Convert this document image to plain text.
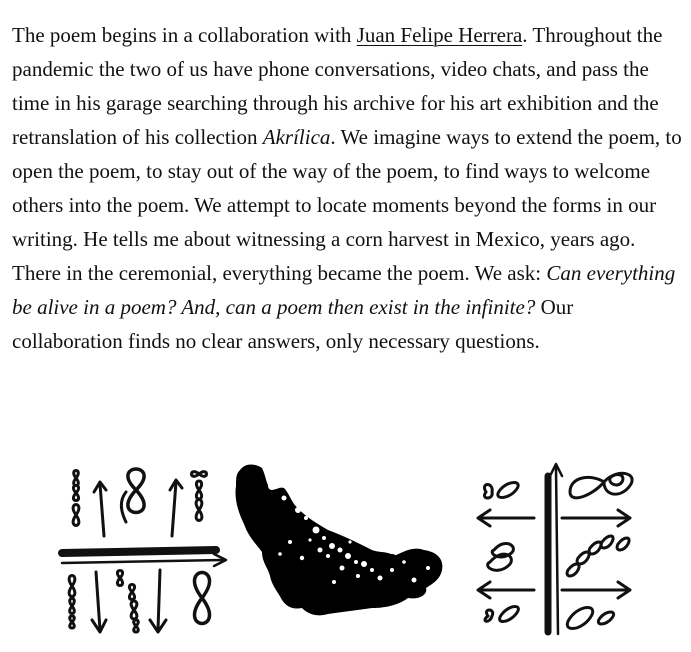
The poem begins in a collaboration with Juan Felipe Herrera. Throughout the pandemic the two of us have phone conversations, video chats, and pass the time in his garage searching through his archive for his art exhibition and the retranslation of his collection Akrílica. We imagine ways to extend the poem, to open the poem, to stay out of the way of the poem, to find ways to welcome others into the poem. We attempt to locate moments beyond the forms in our writing. He tells me about witnessing a corn harvest in Mexico, years ago. There in the ceremonial, everything became the poem. We ask: Can everything be alive in a poem? And, can a poem then exist in the infinite? Our collaboration finds no clear answers, only necessary questions.
